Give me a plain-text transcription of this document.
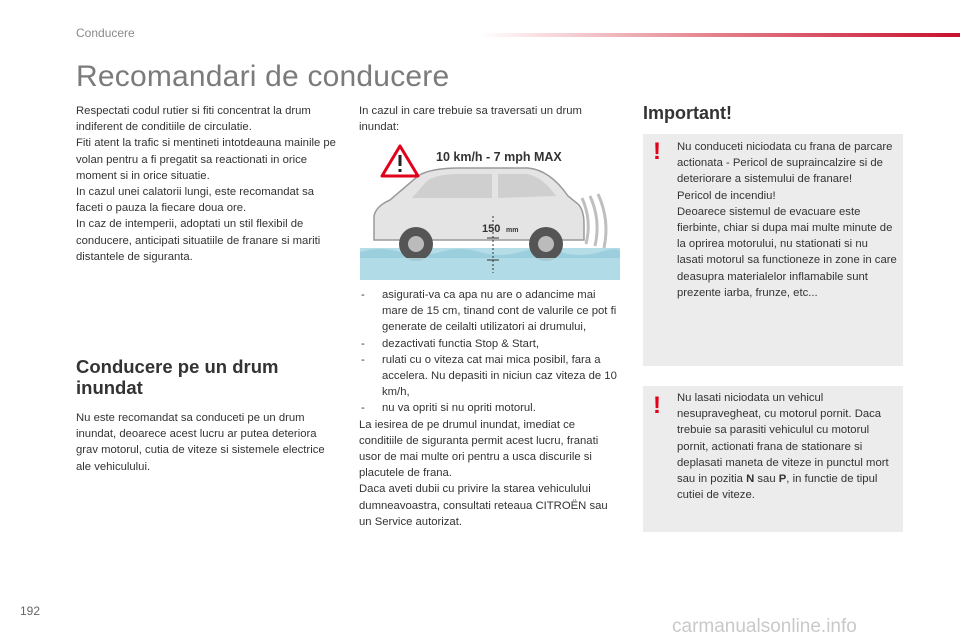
Conducere
Recomandari de conducere

Respectati codul rutier si fiti concentrat la drum indiferent de conditiile de circulatie.

Fiti atent la trafic si mentineti intotdeauna mainile pe volan pentru a fi pregatit sa reactionati in orice moment si in orice situatie.

In cazul unei calatorii lungi, este recomandat sa faceti o pauza la fiecare doua ore.

In caz de intemperii, adoptati un stil flexibil de conducere, anticipati situatiile de franare si mariti distantele de siguranta.

Conducere pe un drum inundat

Nu este recomandat sa conduceti pe un drum inundat, deoarece acest lucru ar putea deteriora grav motorul, cutia de viteze si sistemele electrice ale vehiculului.

In cazul in care trebuie sa traversati un drum inundat:

10 km/h - 7 mph MAX
150 mm
- asigurati-va ca apa nu are o adancime mai mare de 15 cm, tinand cont de valurile ce pot fi generate de ceilalti utilizatori ai drumului,
- dezactivati functia Stop & Start,
- rulati cu o viteza cat mai mica posibil, fara a accelera. Nu depasiti in niciun caz viteza de 10 km/h,
- nu va opriti si nu opriti motorul.

La iesirea de pe drumul inundat, imediat ce conditiile de siguranta permit acest lucru, franati usor de mai multe ori pentru a usca discurile si placutele de frana.

Daca aveti dubii cu privire la starea vehiculului dumneavoastra, consultati reteaua CITROËN sau un Service autorizat.

Important!
! Nu conduceti niciodata cu frana de parcare actionata - Pericol de supraincalzire si de deteriorare a sistemului de franare!

Pericol de incendiu!

Deoarece sistemul de evacuare este fierbinte, chiar si dupa mai multe minute de la oprirea motorului, nu stationati si nu lasati motorul sa functioneze in zone in care deasupra materialelor inflamabile sunt prezente iarba, frunze, etc...

! Nu lasati niciodata un vehicul nesupravegheat, cu motorul pornit. Daca trebuie sa parasiti vehiculul cu motorul pornit, actionati frana de stationare si deplasati maneta de viteze in punctul mort sau in pozitia N sau P, in functie de tipul cutiei de viteze.

192
carmanualsonline.info
